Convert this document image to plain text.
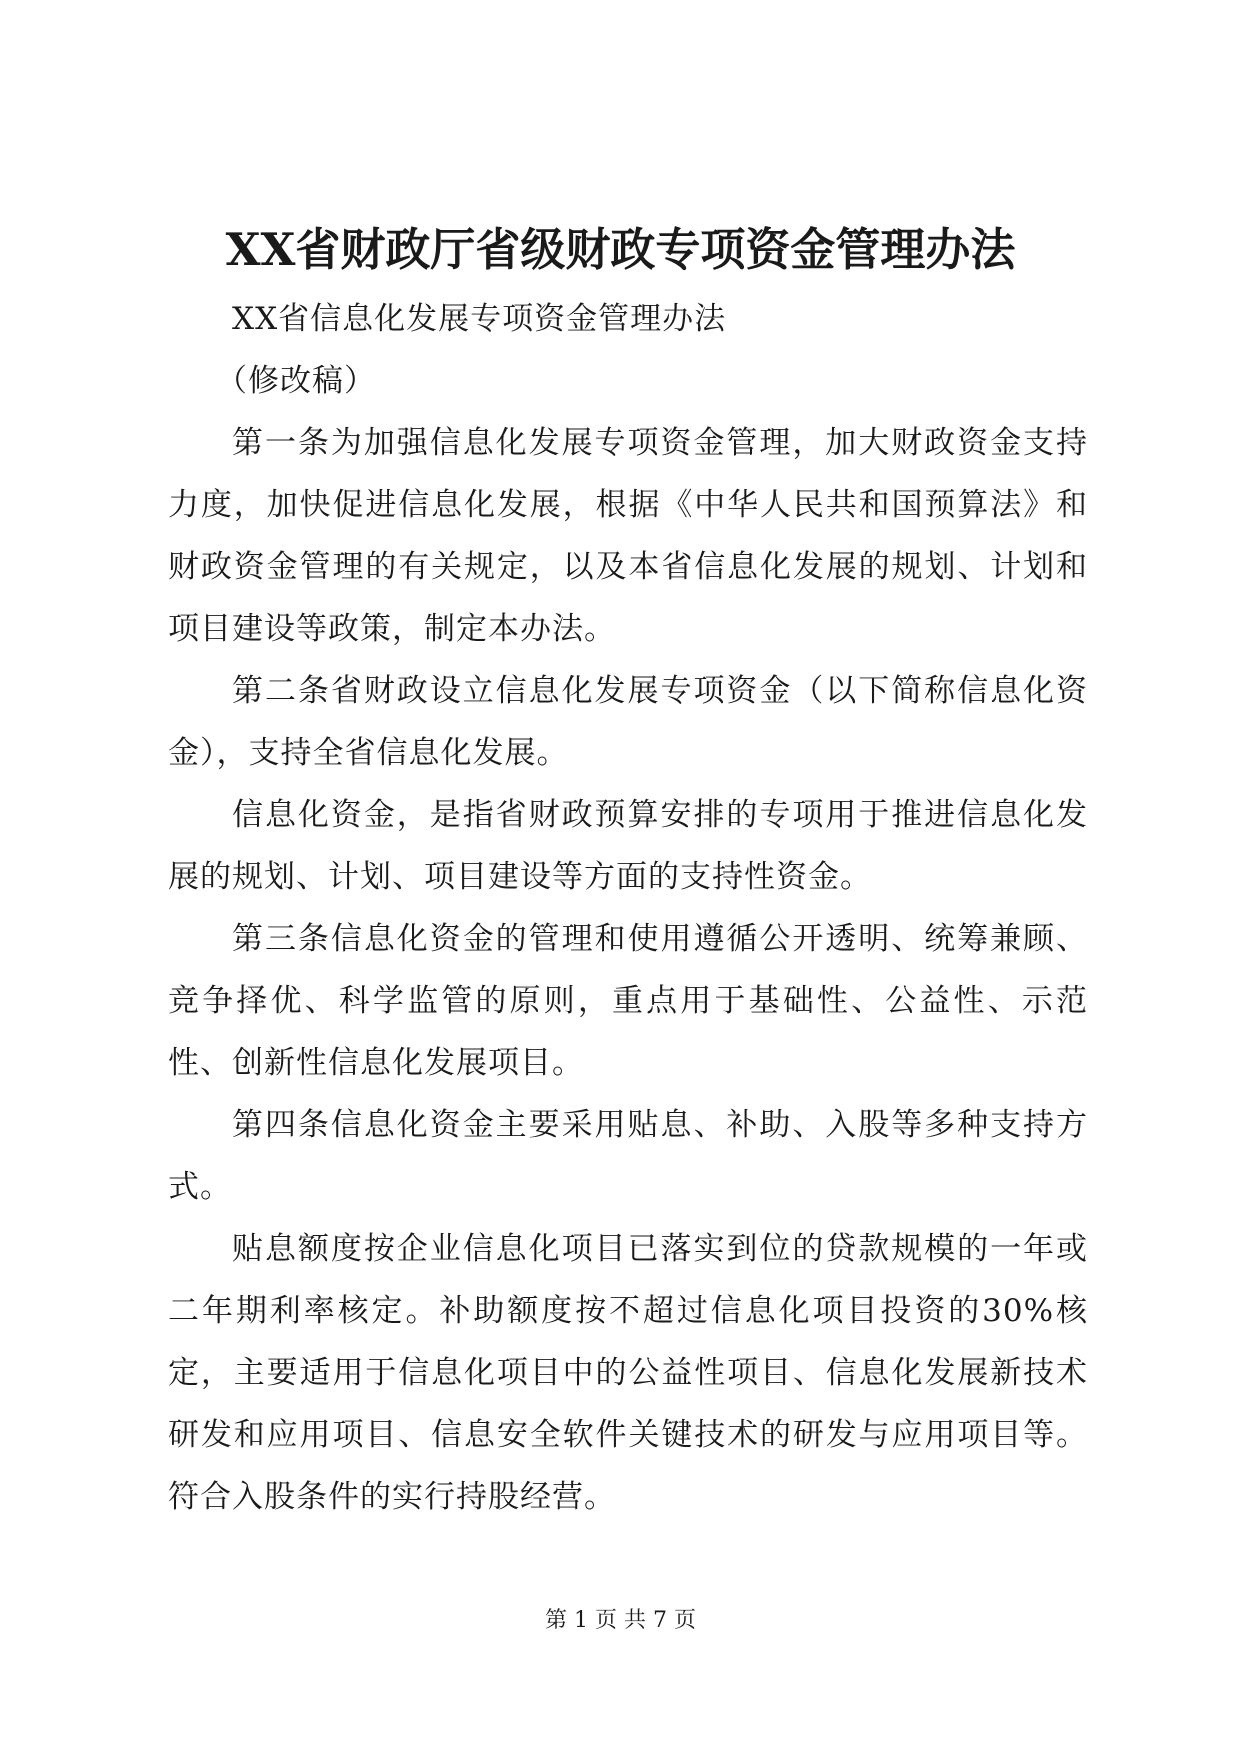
XX省财政厅省级财政专项资金管理办法

XX省信息化发展专项资金管理办法

（修改稿）

第一条为加强信息化发展专项资金管理，加大财政资金支持力度，加快促进信息化发展，根据《中华人民共和国预算法》和财政资金管理的有关规定，以及本省信息化发展的规划、计划和项目建设等政策，制定本办法。

第二条省财政设立信息化发展专项资金（以下简称信息化资金），支持全省信息化发展。

信息化资金，是指省财政预算安排的专项用于推进信息化发展的规划、计划、项目建设等方面的支持性资金。

第三条信息化资金的管理和使用遵循公开透明、统筹兼顾、竞争择优、科学监管的原则，重点用于基础性、公益性、示范性、创新性信息化发展项目。

第四条信息化资金主要采用贴息、补助、入股等多种支持方式。

贴息额度按企业信息化项目已落实到位的贷款规模的一年或二年期利率核定。补助额度按不超过信息化项目投资的30%核定，主要适用于信息化项目中的公益性项目、信息化发展新技术研发和应用项目、信息安全软件关键技术的研发与应用项目等。符合入股条件的实行持股经营。

第 1 页 共 7 页
